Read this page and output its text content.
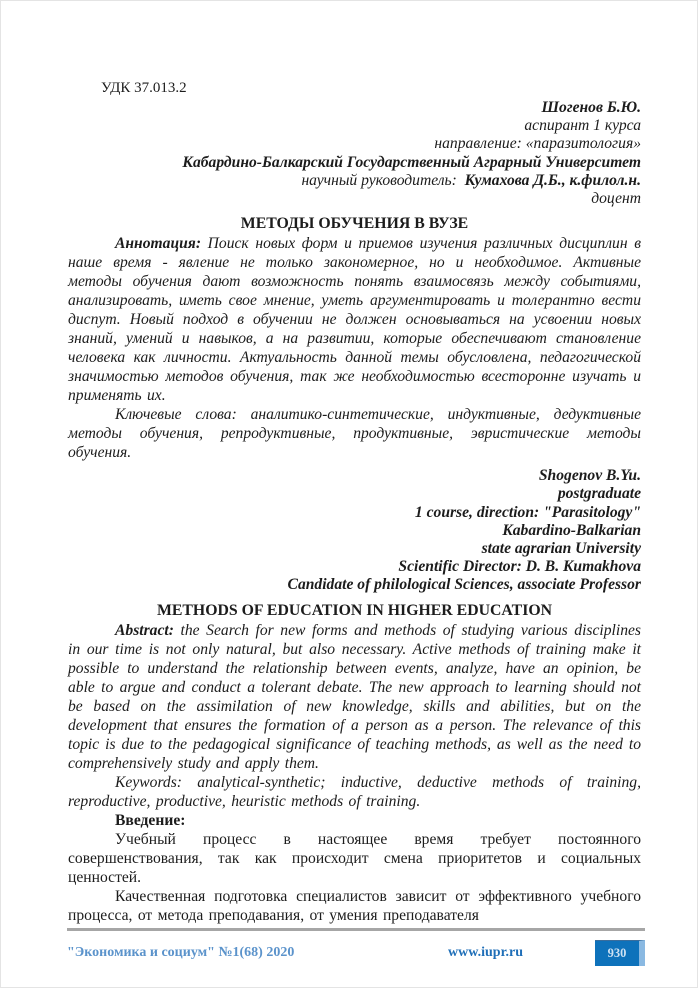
УДК 37.013.2

Шогенов Б.Ю.
аспирант 1 курса
направление: «паразитология»
Кабардино-Балкарский Государственный Аграрный Университет
научный руководитель: Кумахова Д.Б., к.филол.н.
доцент
МЕТОДЫ ОБУЧЕНИЯ В ВУЗЕ

Аннотация: Поиск новых форм и приемов изучения различных дисциплин в наше время - явление не только закономерное, но и необходимое. Активные методы обучения дают возможность понять взаимосвязь между событиями, анализировать, иметь свое мнение, уметь аргументировать и толерантно вести диспут. Новый подход в обучении не должен основываться на усвоении новых знаний, умений и навыков, а на развитии, которые обеспечивают становление человека как личности. Актуальность данной темы обусловлена, педагогической значимостью методов обучения, так же необходимостью всесторонне изучать и применять их.

Ключевые слова: аналитико-синтетические, индуктивные, дедуктивные методы обучения, репродуктивные, продуктивные, эвристические методы обучения.

Shogenov B.Yu.
postgraduate
1 course, direction: "Parasitology"
Kabardino-Balkarian
state agrarian University
Scientific Director: D. B. Kumakhova
Candidate of philological Sciences, associate Professor
METHODS OF EDUCATION IN HIGHER EDUCATION

Abstract: the Search for new forms and methods of studying various disciplines in our time is not only natural, but also necessary. Active methods of training make it possible to understand the relationship between events, analyze, have an opinion, be able to argue and conduct a tolerant debate. The new approach to learning should not be based on the assimilation of new knowledge, skills and abilities, but on the development that ensures the formation of a person as a person. The relevance of this topic is due to the pedagogical significance of teaching methods, as well as the need to comprehensively study and apply them.

Keywords: analytical-synthetic; inductive, deductive methods of training, reproductive, productive, heuristic methods of training.

Введение:

Учебный процесс в настоящее время требует постоянного совершенствования, так как происходит смена приоритетов и социальных ценностей.

Качественная подготовка специалистов зависит от эффективного учебного процесса, от метода преподавания, от умения преподавателя

"Экономика и социум" №1(68) 2020	www.iupr.ru	930
